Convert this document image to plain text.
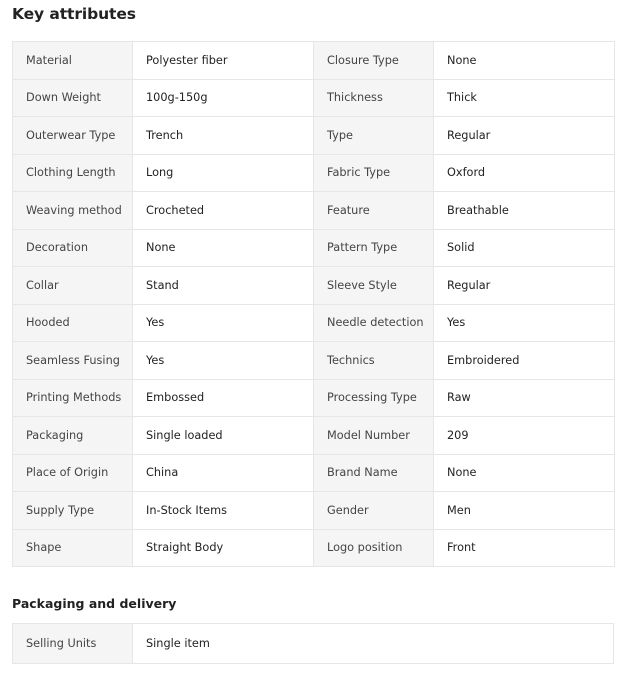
Key attributes
Material	Polyester fiber	Closure Type	None
Down Weight	100g-150g	Thickness	Thick
Outerwear Type	Trench	Type	Regular
Clothing Length	Long	Fabric Type	Oxford
Weaving method	Crocheted	Feature	Breathable
Decoration	None	Pattern Type	Solid
Collar	Stand	Sleeve Style	Regular
Hooded	Yes	Needle detection	Yes
Seamless Fusing	Yes	Technics	Embroidered
Printing Methods	Embossed	Processing Type	Raw
Packaging	Single loaded	Model Number	209
Place of Origin	China	Brand Name	None
Supply Type	In-Stock Items	Gender	Men
Shape	Straight Body	Logo position	Front
Packaging and delivery
Selling Units	Single item
